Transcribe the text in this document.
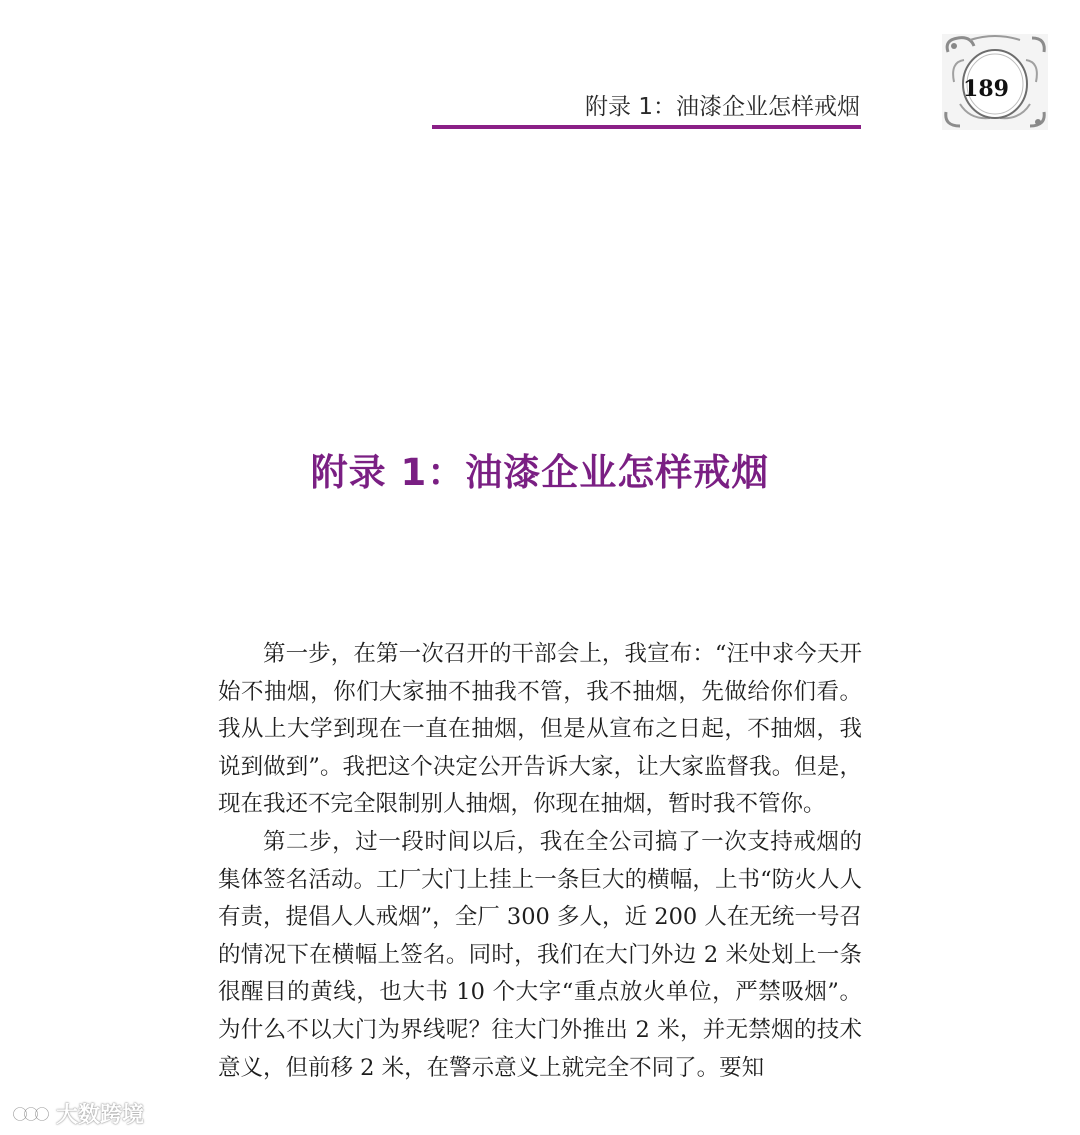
附录 1：油漆企业怎样戒烟
189
附录 1：油漆企业怎样戒烟

第一步，在第一次召开的干部会上，我宣布：“汪中求今天开始不抽烟，你们大家抽不抽我不管，我不抽烟，先做给你们看。我从上大学到现在一直在抽烟，但是从宣布之日起，不抽烟，我说到做到”。我把这个决定公开告诉大家，让大家监督我。但是，现在我还不完全限制别人抽烟，你现在抽烟，暂时我不管你。

第二步，过一段时间以后，我在全公司搞了一次支持戒烟的集体签名活动。工厂大门上挂上一条巨大的横幅，上书“防火人人有责，提倡人人戒烟”，全厂 300 多人，近 200 人在无统一号召的情况下在横幅上签名。同时，我们在大门外边 2 米处划上一条很醒目的黄线，也大书 10 个大字“重点放火单位，严禁吸烟”。为什么不以大门为界线呢？往大门外推出 2 米，并无禁烟的技术意义，但前移 2 米，在警示意义上就完全不同了。要知

大数跨境
